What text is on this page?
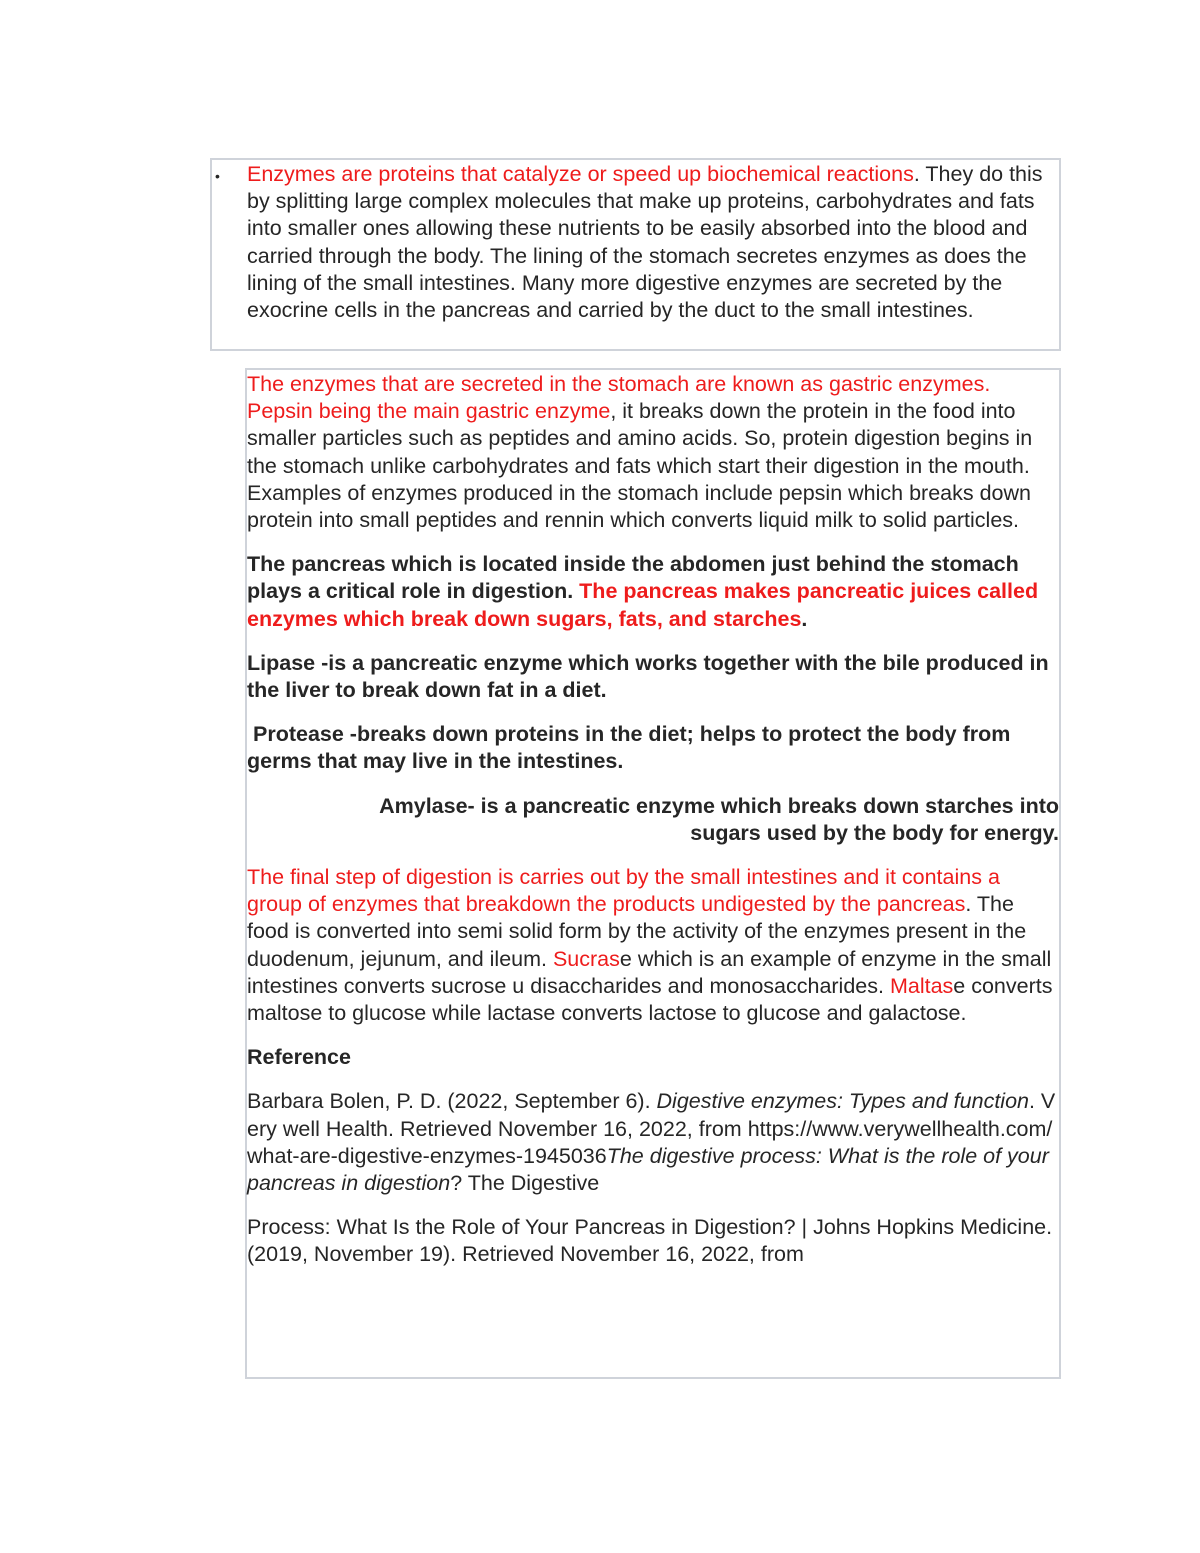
• Enzymes are proteins that catalyze or speed up biochemical reactions. They do this by splitting large complex molecules that make up proteins, carbohydrates and fats into smaller ones allowing these nutrients to be easily absorbed into the blood and carried through the body. The lining of the stomach secretes enzymes as does the lining of the small intestines. Many more digestive enzymes are secreted by the exocrine cells in the pancreas and carried by the duct to the small intestines.

The enzymes that are secreted in the stomach are known as gastric enzymes. Pepsin being the main gastric enzyme, it breaks down the protein in the food into smaller particles such as peptides and amino acids. So, protein digestion begins in the stomach unlike carbohydrates and fats which start their digestion in the mouth. Examples of enzymes produced in the stomach include pepsin which breaks down protein into small peptides and rennin which converts liquid milk to solid particles.

The pancreas which is located inside the abdomen just behind the stomach plays a critical role in digestion. The pancreas makes pancreatic juices called enzymes which break down sugars, fats, and starches.

Lipase -is a pancreatic enzyme which works together with the bile produced in the liver to break down fat in a diet.

Protease -breaks down proteins in the diet; helps to protect the body from germs that may live in the intestines.

Amylase- is a pancreatic enzyme which breaks down starches into
sugars used by the body for energy.

The final step of digestion is carries out by the small intestines and it contains a group of enzymes that breakdown the products undigested by the pancreas. The food is converted into semi solid form by the activity of the enzymes present in the duodenum, jejunum, and ileum. Sucrase which is an example of enzyme in the small intestines converts sucrose u disaccharides and monosaccharides. Maltase converts maltose to glucose while lactase converts lactose to glucose and galactose.

Reference

Barbara Bolen, P. D. (2022, September 6). Digestive enzymes: Types and function. Very well Health. Retrieved November 16, 2022, from https://www.verywellhealth.com/what-are-digestive-enzymes-1945036The digestive process: What is the role of your pancreas in digestion? The Digestive

Process: What Is the Role of Your Pancreas in Digestion? | Johns Hopkins Medicine. (2019, November 19). Retrieved November 16, 2022, from
